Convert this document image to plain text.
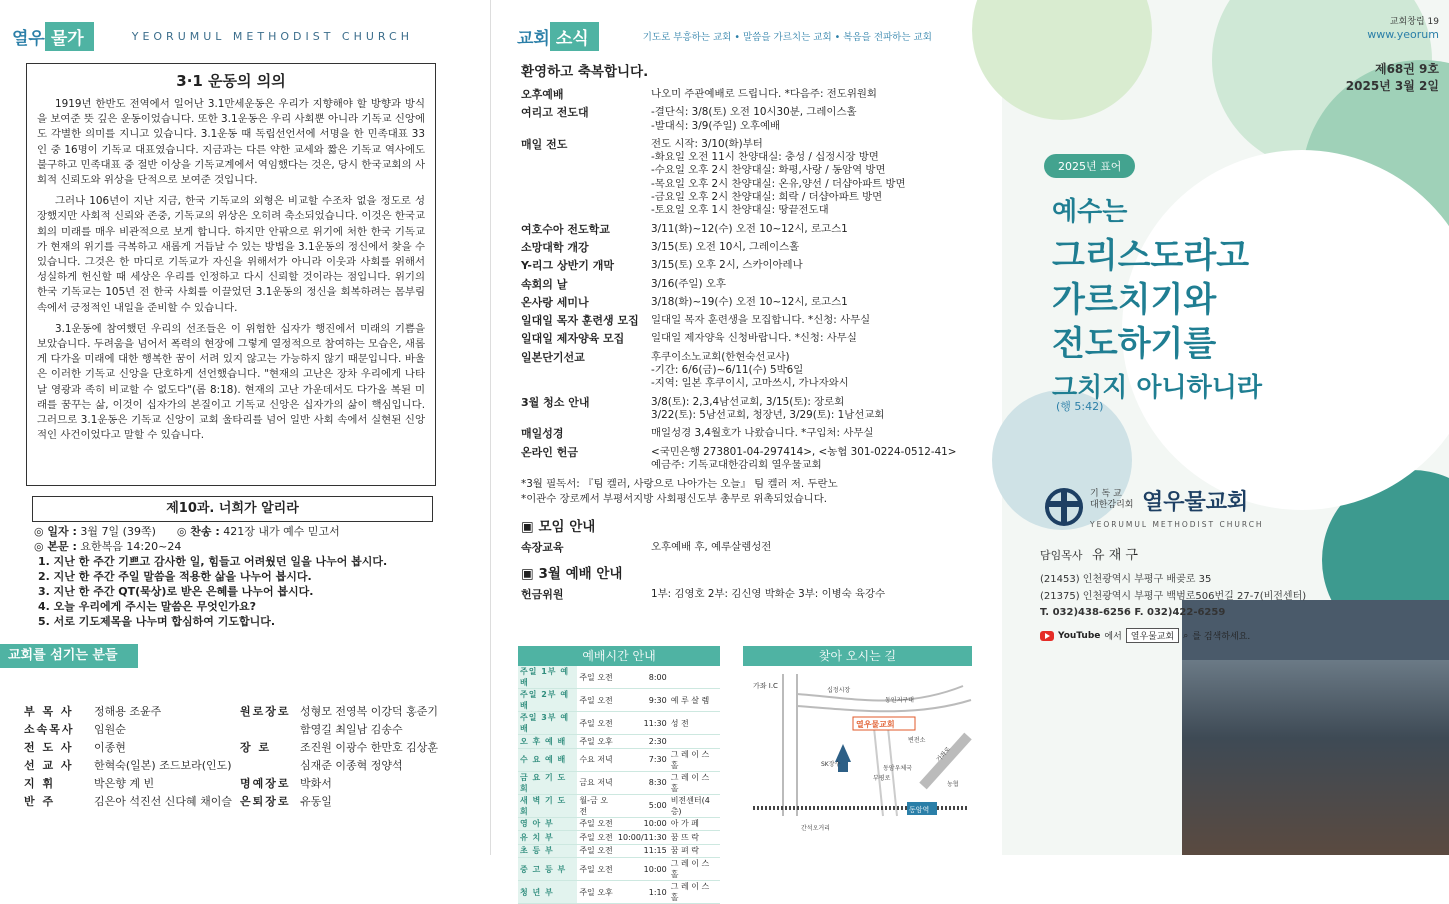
열우 물가	YEORUMUL METHODIST CHURCH
3·1 운동의 의의

1919년 한반도 전역에서 일어난 3.1만세운동은 우리가 지향해야 할 방향과 방식을 보여준 뜻 깊은 운동이었습니다. 또한 3.1운동은 우리 사회뿐 아니라 기독교 신앙에도 각별한 의미를 지니고 있습니다. 3.1운동 때 독립선언서에 서명을 한 민족대표 33인 중 16명이 기독교 대표였습니다. 지금과는 다른 약한 교세와 짧은 기독교 역사에도 불구하고 민족대표 중 절반 이상을 기독교계에서 역임했다는 것은, 당시 한국교회의 사회적 신뢰도와 위상을 단적으로 보여준 것입니다.

그러나 106년이 지난 지금, 한국 기독교의 외형은 비교할 수조차 없을 정도로 성장했지만 사회적 신뢰와 존중, 기독교의 위상은 오히려 축소되었습니다. 이것은 한국교회의 미래를 매우 비관적으로 보게 합니다. 하지만 안팎으로 위기에 처한 한국 기독교가 현재의 위기를 극복하고 새롭게 거듭날 수 있는 방법을 3.1운동의 정신에서 찾을 수 있습니다. 그것은 한 마디로 기독교가 자신을 위해서가 아니라 이웃과 사회를 위해서 성실하게 헌신할 때 세상은 우리를 인정하고 다시 신뢰할 것이라는 점입니다. 위기의 한국 기독교는 105년 전 한국 사회를 이끌었던 3.1운동의 정신을 회복하려는 몸부림 속에서 긍정적인 내일을 준비할 수 있습니다.

3.1운동에 참여했던 우리의 선조들은 이 위험한 십자가 행진에서 미래의 기쁨을 보았습니다. 두려움을 넘어서 폭력의 현장에 그렇게 열정적으로 참여하는 모습은, 새롭게 다가올 미래에 대한 행복한 꿈이 서려 있지 않고는 가능하지 않기 때문입니다. 바울은 이러한 기독교 신앙을 단호하게 선언했습니다. "현재의 고난은 장차 우리에게 나타날 영광과 족히 비교할 수 없도다"(롬 8:18). 현재의 고난 가운데서도 다가올 복된 미래를 꿈꾸는 삶, 이것이 십자가의 본질이고 기독교 신앙은 십자가의 삶이 핵심입니다. 그러므로 3.1운동은 기독교 신앙이 교회 울타리를 넘어 일반 사회 속에서 실현된 신앙적인 사건이었다고 말할 수 있습니다.

제10과. 너희가 알리라
◎ 일자 : 3월 7일 (39쪽) ◎ 찬송 : 421장 내가 예수 믿고서
◎ 본문 : 요한복음 14:20~24
1. 지난 한 주간 기쁘고 감사한 일, 힘들고 어려웠던 일을 나누어 봅시다.
2. 지난 한 주간 주일 말씀을 적용한 삶을 나누어 봅시다.
3. 지난 한 주간 QT(묵상)로 받은 은혜를 나누어 봅시다.
4. 오늘 우리에게 주시는 말씀은 무엇인가요?
5. 서로 기도제목을 나누며 합심하여 기도합니다.
교회를 섬기는 분들
부 목 사	정해용 조윤주
소속목사	임원순
전 도 사	이종현
선 교 사	한혁숙(일본) 조드보라(인도)
지 휘	박은향 계 빈
반 주	김은아 석진선 신다혜 채이슬
원로장로 성형모 전영복 이강덕 홍준기
함영길 최일남 김송수
장 로	조진원 이광수 한만호 김상훈
심재준 이종혁 정양석
명예장로 박화서
은퇴장로 유동일
교회 소식	기도로 부흥하는 교회 • 말씀을 가르치는 교회 • 복음을 전파하는 교회
환영하고 축복합니다.
오후예배	나오미 주관예배로 드립니다. *다음주: 전도위원회
여리고 전도대	-결단식: 3/8(토) 오전 10시30분, 그레이스홀
-발대식: 3/9(주일) 오후예배
매일 전도	전도 시작: 3/10(화)부터
-화요일 오전 11시 찬양대실: 충성 / 십정시장 방면
-수요일 오후 2시 찬양대실: 화평,사랑 / 동암역 방면
-목요일 오후 2시 찬양대실: 온유,양선 / 더샵아파트 방면
-금요일 오후 2시 찬양대실: 희락 / 더샵아파트 방면
-토요일 오후 1시 찬양대실: 땅끝전도대
여호수아 전도학교	3/11(화)~12(수) 오전 10~12시, 로고스1
소망대학 개강	3/15(토) 오전 10시, 그레이스홀
Y-리그 상반기 개막	3/15(토) 오후 2시, 스카이아레나
속회의 날	3/16(주일) 오후
온사랑 세미나	3/18(화)~19(수) 오전 10~12시, 로고스1
일대일 목자 훈련생 모집	일대일 목자 훈련생을 모집합니다. *신청: 사무실
일대일 제자양육 모집	일대일 제자양육 신청바랍니다. *신청: 사무실
일본단기선교	후쿠이소노교회(한현숙선교사)
-기간: 6/6(금)~6/11(수) 5박6일
-지역: 일본 후쿠이시, 고마쓰시, 가나자와시
3월 청소 안내	3/8(토): 2,3,4남선교회, 3/15(토): 장로회
3/22(토): 5남선교회, 청장년, 3/29(토): 1남선교회
매일성경	매일성경 3,4월호가 나왔습니다. *구입처: 사무실
온라인 헌금	<국민은행 273801-04-297414>, <농협 301-0224-0512-41>
예금주: 기독교대한감리회 열우물교회
*3월 필독서: 『팀 켈러, 사랑으로 나아가는 오늘』 팀 켈러 저. 두란노
*이관수 장로께서 부평서지방 사회평신도부 총무로 위촉되었습니다.
▣ 모임 안내
속장교육	오후예배 후, 예루살렘성전
▣ 3월 예배 안내
헌금위원	1부: 김영호 2부: 김신영 박화순 3부: 이병숙 육강수
예배시간 안내
주일 1부 예배	주일 오전	8:00	
주일 2부 예배	주일 오전	9:30	예 루 살 렘
주일 3부 예배	주일 오전	11:30	성 전
오 후 예 배	주일 오후	2:30	
수 요 예 배	수요 저녁	7:30	그 레 이 스 홀
금 요 기 도 회	금요 저녁	8:30	그 레 이 스 홀
새 벽 기 도 회	월-금 오전	5:00	비전센터(4층)
영 아 부	주일 오전	10:00	아 가 페
유 치 부	주일 오전	10:00/11:30	꿈 뜨 락
초 등 부	주일 오전	11:15	꿈 펴 락
중 고 등 부	주일 오전	10:00	그 레 이 스 홀
청 년 부	주일 오후	1:10	그 레 이 스 홀
찾아 오시는 길
가좌 I.C
십정시장
동인지구대
열우물교회
SK장수
변전소
동암우체국
부평로
농협
동암역
간석오거리
가좌로
교회창립 19
www.yeorum
제68권 9호
2025년 3월 2일
2025년 표어
예수는
그리스도라고
가르치기와
전도하기를
그치지 아니하니라
(행 5:42)
기 독 교
대한감리회 열우물교회
YEORUMUL METHODIST CHURCH
담임목사 유 재 구
(21453) 인천광역시 부평구 배곶로 35
(21375) 인천광역시 부평구 백범로506번길 27-7(비전센터)
T. 032)438-6256 F. 032)422-6259
YouTube 에서	열우물교회	⌕ 를 검색하세요.
